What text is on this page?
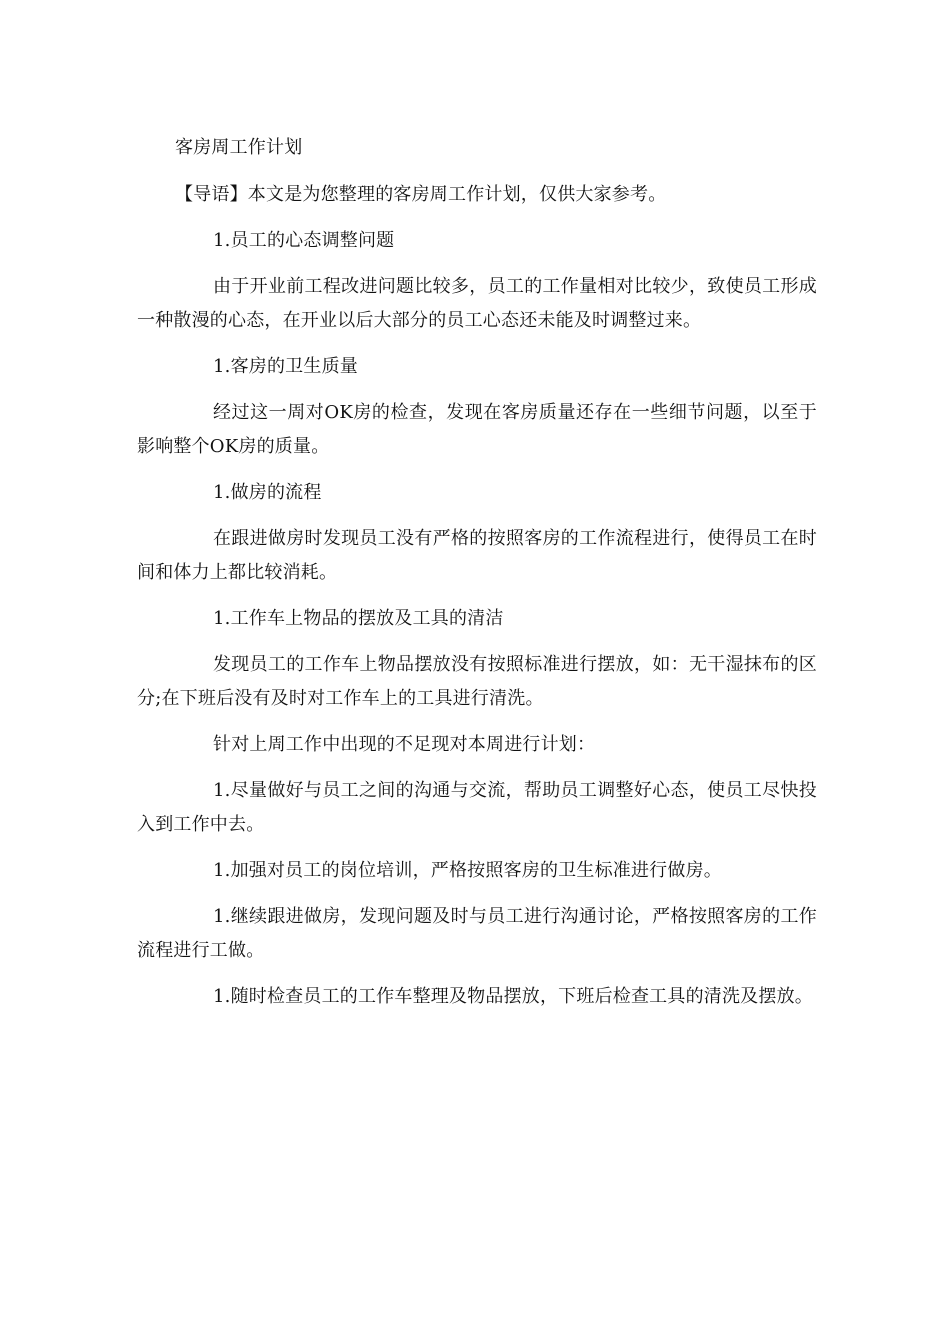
客房周工作计划

【导语】本文是为您整理的客房周工作计划，仅供大家参考。

1.员工的心态调整问题

由于开业前工程改进问题比较多，员工的工作量相对比较少，致使员工形成一种散漫的心态，在开业以后大部分的员工心态还未能及时调整过来。

1.客房的卫生质量

经过这一周对OK房的检查，发现在客房质量还存在一些细节问题，以至于影响整个OK房的质量。

1.做房的流程

在跟进做房时发现员工没有严格的按照客房的工作流程进行，使得员工在时间和体力上都比较消耗。

1.工作车上物品的摆放及工具的清洁

发现员工的工作车上物品摆放没有按照标准进行摆放，如：无干湿抹布的区分;在下班后没有及时对工作车上的工具进行清洗。

针对上周工作中出现的不足现对本周进行计划：

1.尽量做好与员工之间的沟通与交流，帮助员工调整好心态，使员工尽快投入到工作中去。

1.加强对员工的岗位培训，严格按照客房的卫生标准进行做房。

1.继续跟进做房，发现问题及时与员工进行沟通讨论，严格按照客房的工作流程进行工做。

1.随时检查员工的工作车整理及物品摆放，下班后检查工具的清洗及摆放。
